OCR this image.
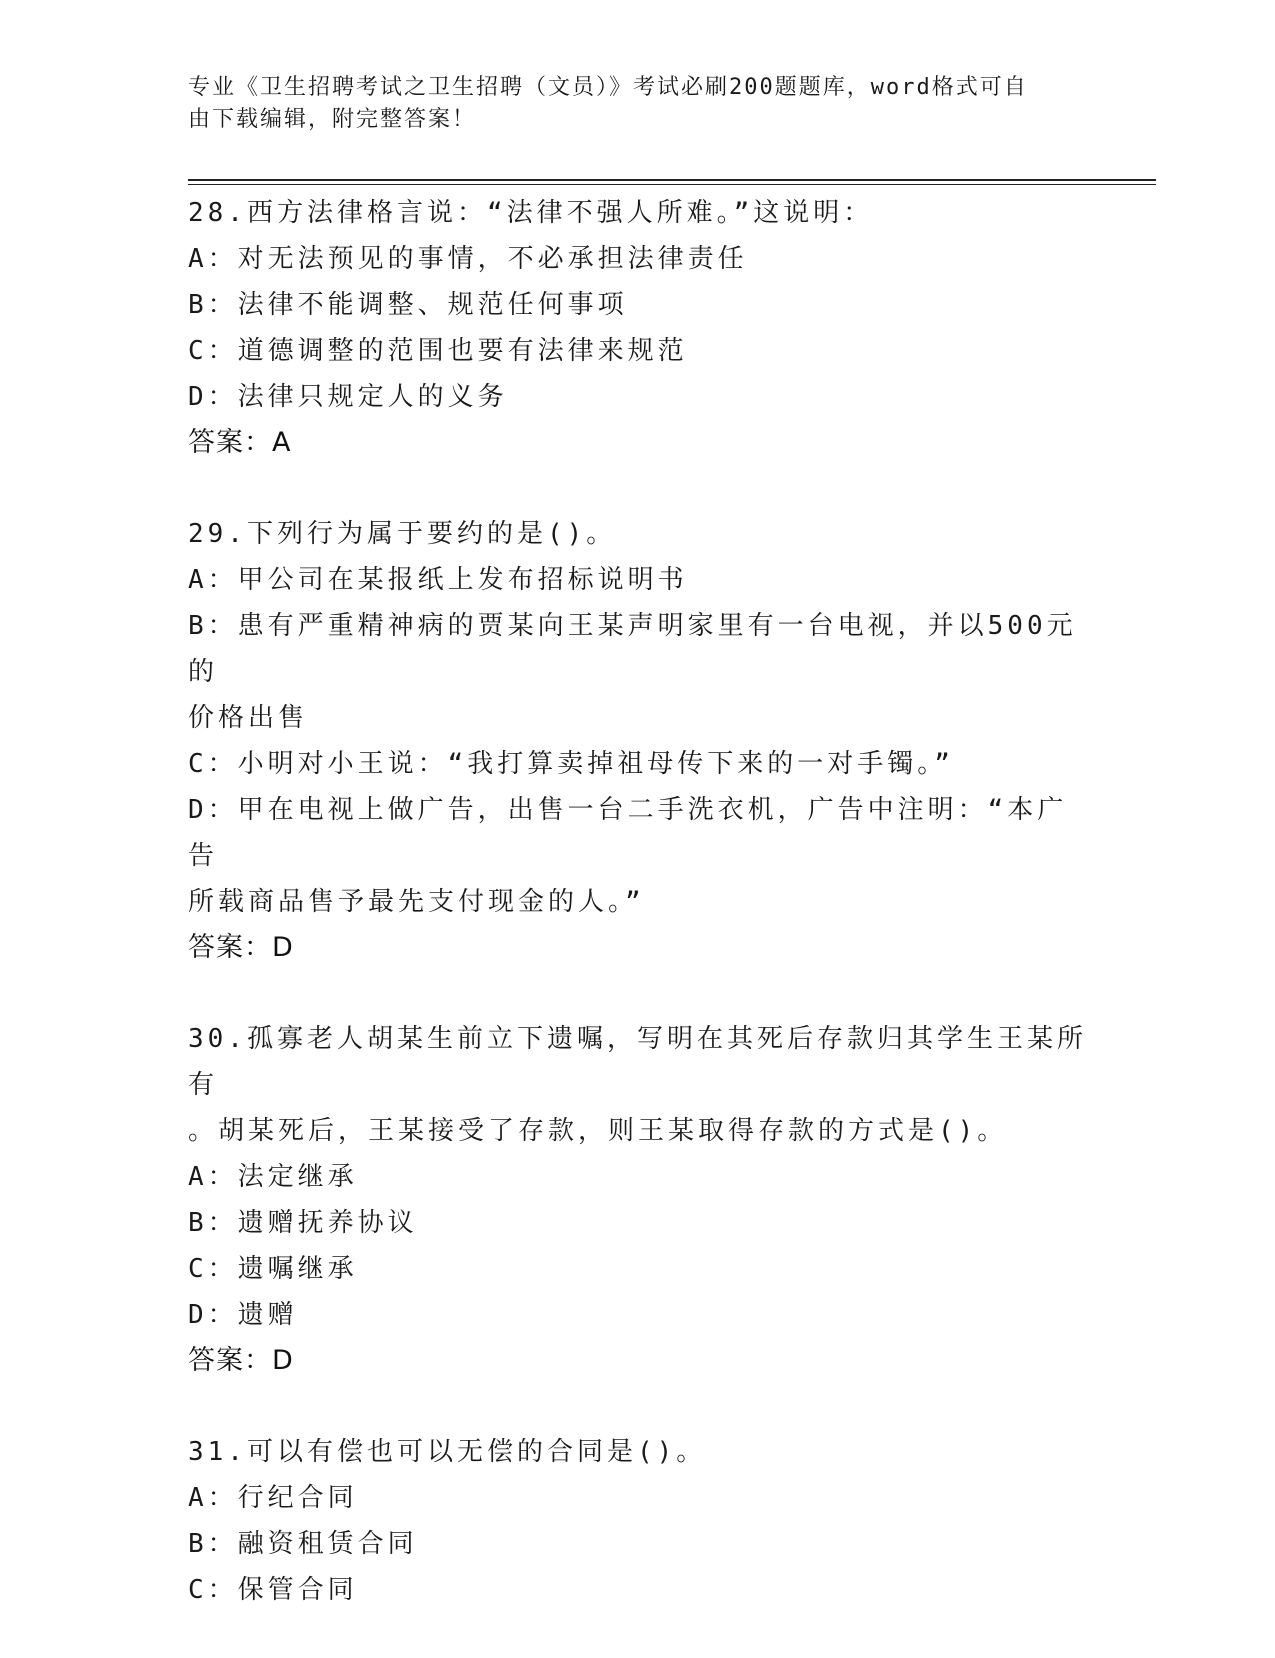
专业《卫生招聘考试之卫生招聘（文员）》考试必刷200题题库，word格式可自
由下载编辑，附完整答案！
28.西方法律格言说：“法律不强人所难。”这说明：
A：对无法预见的事情，不必承担法律责任
B：法律不能调整、规范任何事项
C：道德调整的范围也要有法律来规范
D：法律只规定人的义务
答案：A
29.下列行为属于要约的是()。
A：甲公司在某报纸上发布招标说明书
B：患有严重精神病的贾某向王某声明家里有一台电视，并以500元的
价格出售
C：小明对小王说：“我打算卖掉祖母传下来的一对手镯。”
D：甲在电视上做广告，出售一台二手洗衣机，广告中注明：“本广告
所载商品售予最先支付现金的人。”
答案：D
30.孤寡老人胡某生前立下遗嘱，写明在其死后存款归其学生王某所有
。胡某死后，王某接受了存款，则王某取得存款的方式是()。
A：法定继承
B：遗赠抚养协议
C：遗嘱继承
D：遗赠
答案：D
31.可以有偿也可以无偿的合同是()。
A：行纪合同
B：融资租赁合同
C：保管合同
